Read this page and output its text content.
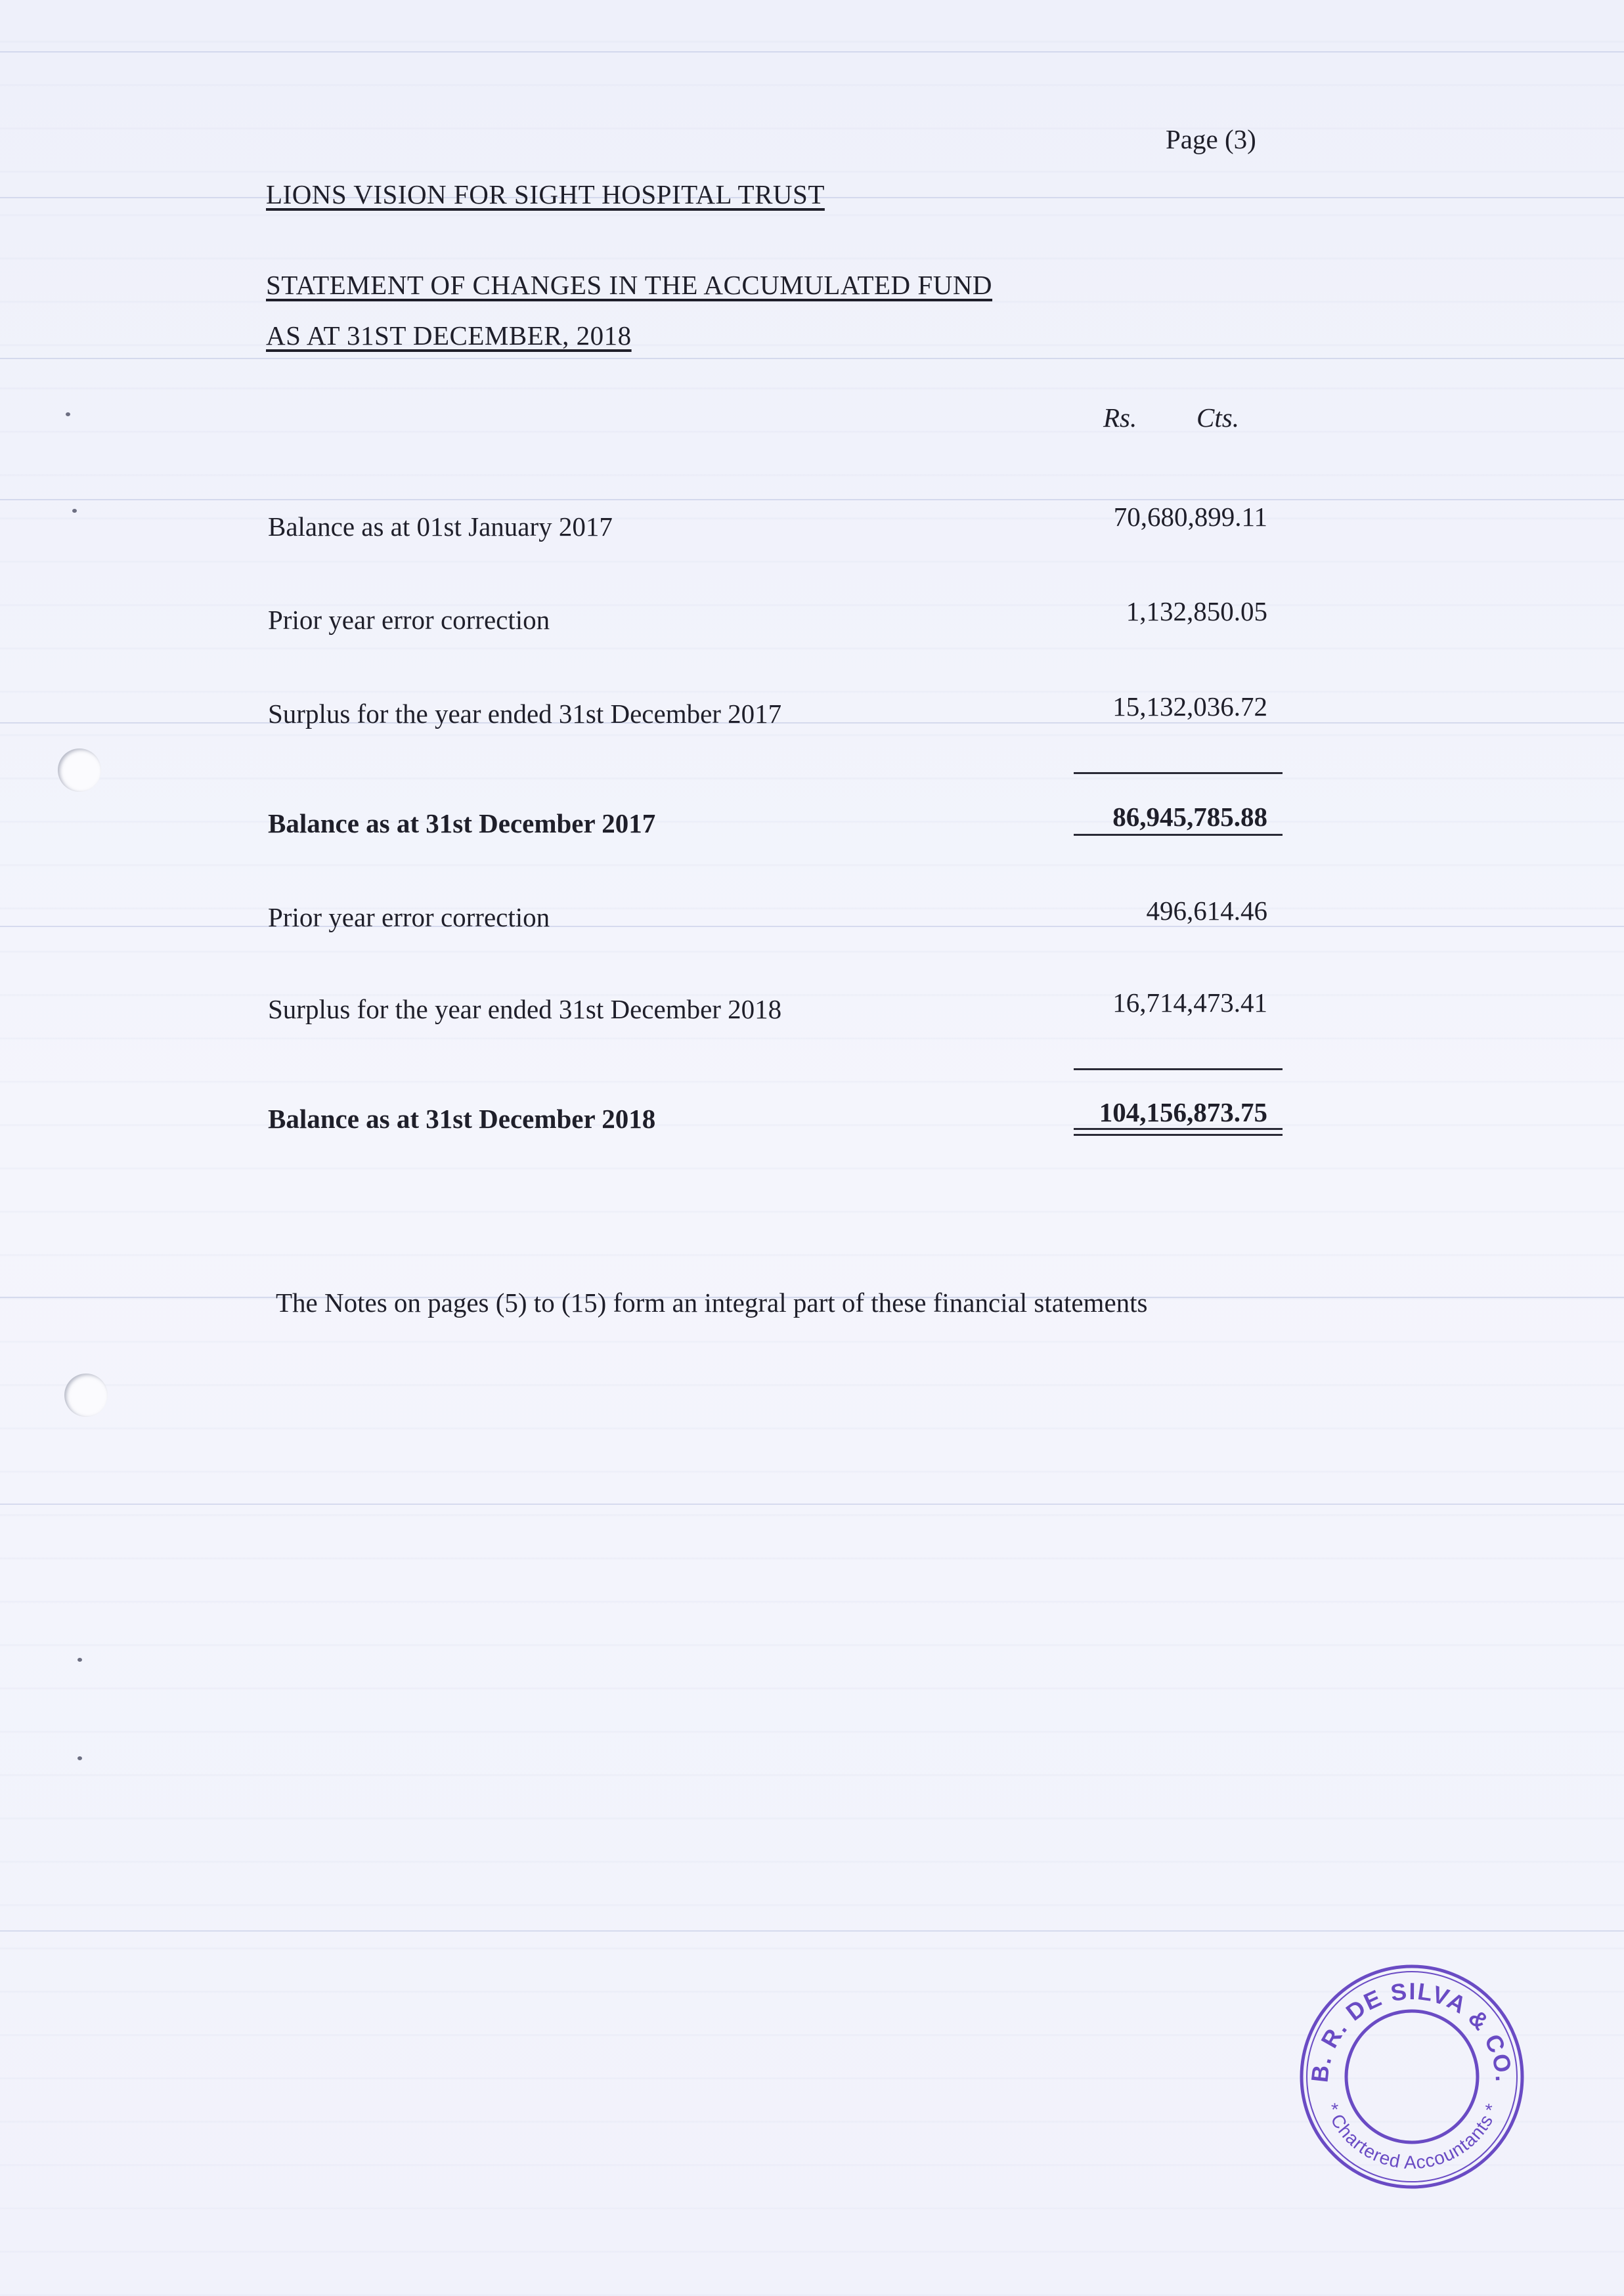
Page (3)
LIONS VISION FOR SIGHT HOSPITAL TRUST
STATEMENT OF CHANGES IN THE ACCUMULATED FUND
AS AT 31ST DECEMBER, 2018
Rs. Cts.
Balance as at 01st January 2017	70,680,899.11
Prior year error correction	1,132,850.05
Surplus for the year ended 31st December 2017	15,132,036.72
Balance as at 31st December 2017	86,945,785.88
Prior year error correction	496,614.46
Surplus for the year ended 31st December 2018	16,714,473.41
Balance as at 31st December 2018	104,156,873.75
The Notes on pages (5) to (15) form an integral part of these financial statements
B. R. DE SILVA & CO.
* Chartered Accountants *
